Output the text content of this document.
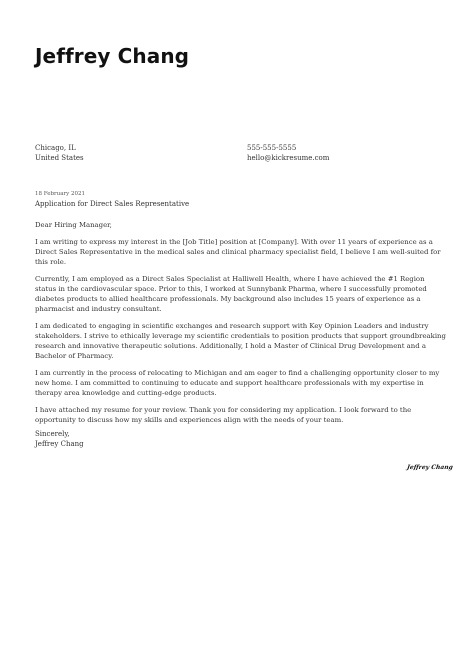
Jeffrey Chang
Chicago, IL
United States
555-555-5555
hello@kickresume.com
18 February 2021
Application for Direct Sales Representative

Dear Hiring Manager,

I am writing to express my interest in the [Job Title] position at [Company]. With over 11 years of experience as a Direct Sales Representative in the medical sales and clinical pharmacy specialist field, I believe I am well-suited for this role.

Currently, I am employed as a Direct Sales Specialist at Halliwell Health, where I have achieved the #1 Region status in the cardiovascular space. Prior to this, I worked at Sunnybank Pharma, where I successfully promoted diabetes products to allied healthcare professionals. My background also includes 15 years of experience as a pharmacist and industry consultant.

I am dedicated to engaging in scientific exchanges and research support with Key Opinion Leaders and industry stakeholders. I strive to ethically leverage my scientific credentials to position products that support groundbreaking research and innovative therapeutic solutions. Additionally, I hold a Master of Clinical Drug Development and a Bachelor of Pharmacy.

I am currently in the process of relocating to Michigan and am eager to find a challenging opportunity closer to my new home. I am committed to continuing to educate and support healthcare professionals with my expertise in therapy area knowledge and cutting-edge products.

I have attached my resume for your review. Thank you for considering my application. I look forward to the opportunity to discuss how my skills and experiences align with the needs of your team.

Sincerely,
Jeffrey Chang
Jeffrey Chang
